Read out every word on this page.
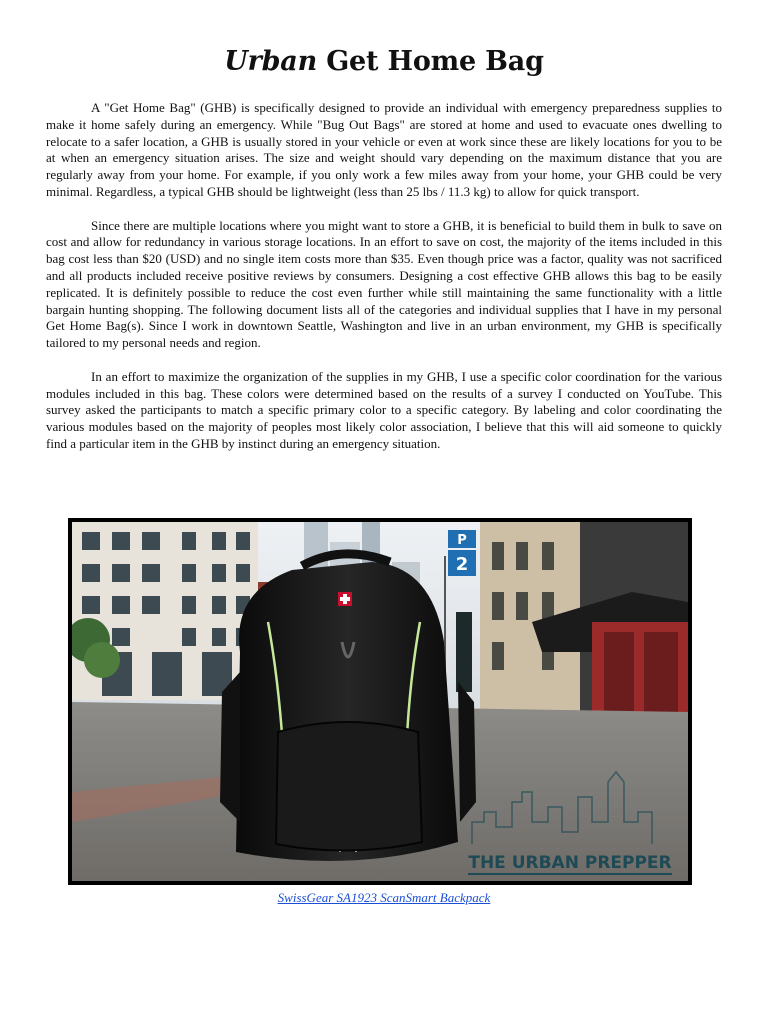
Urban Get Home Bag

A "Get Home Bag" (GHB) is specifically designed to provide an individual with emergency preparedness supplies to make it home safely during an emergency. While "Bug Out Bags" are stored at home and used to evacuate ones dwelling to relocate to a safer location, a GHB is usually stored in your vehicle or even at work since these are likely locations for you to be at when an emergency situation arises. The size and weight should vary depending on the maximum distance that you are regularly away from your home. For example, if you only work a few miles away from your home, your GHB could be very minimal. Regardless, a typical GHB should be lightweight (less than 25 lbs / 11.3 kg) to allow for quick transport.

Since there are multiple locations where you might want to store a GHB, it is beneficial to build them in bulk to save on cost and allow for redundancy in various storage locations. In an effort to save on cost, the majority of the items included in this bag cost less than $20 (USD) and no single item costs more than $35. Even though price was a factor, quality was not sacrificed and all products included receive positive reviews by consumers. Designing a cost effective GHB allows this bag to be easily replicated. It is definitely possible to reduce the cost even further while still maintaining the same functionality with a little bargain hunting shopping. The following document lists all of the categories and individual supplies that I have in my personal Get Home Bag(s). Since I work in downtown Seattle, Washington and live in an urban environment, my GHB is specifically tailored to my personal needs and region.

In an effort to maximize the organization of the supplies in my GHB, I use a specific color coordination for the various modules included in this bag. These colors were determined based on the results of a survey I conducted on YouTube. This survey asked the participants to match a specific primary color to a specific category. By labeling and color coordinating the various modules based on the majority of peoples most likely color association, I believe that this will aid someone to quickly find a particular item in the GHB by instinct during an emergency situation.

P
2
THE URBAN PREPPER
SwissGear SA1923 ScanSmart Backpack
